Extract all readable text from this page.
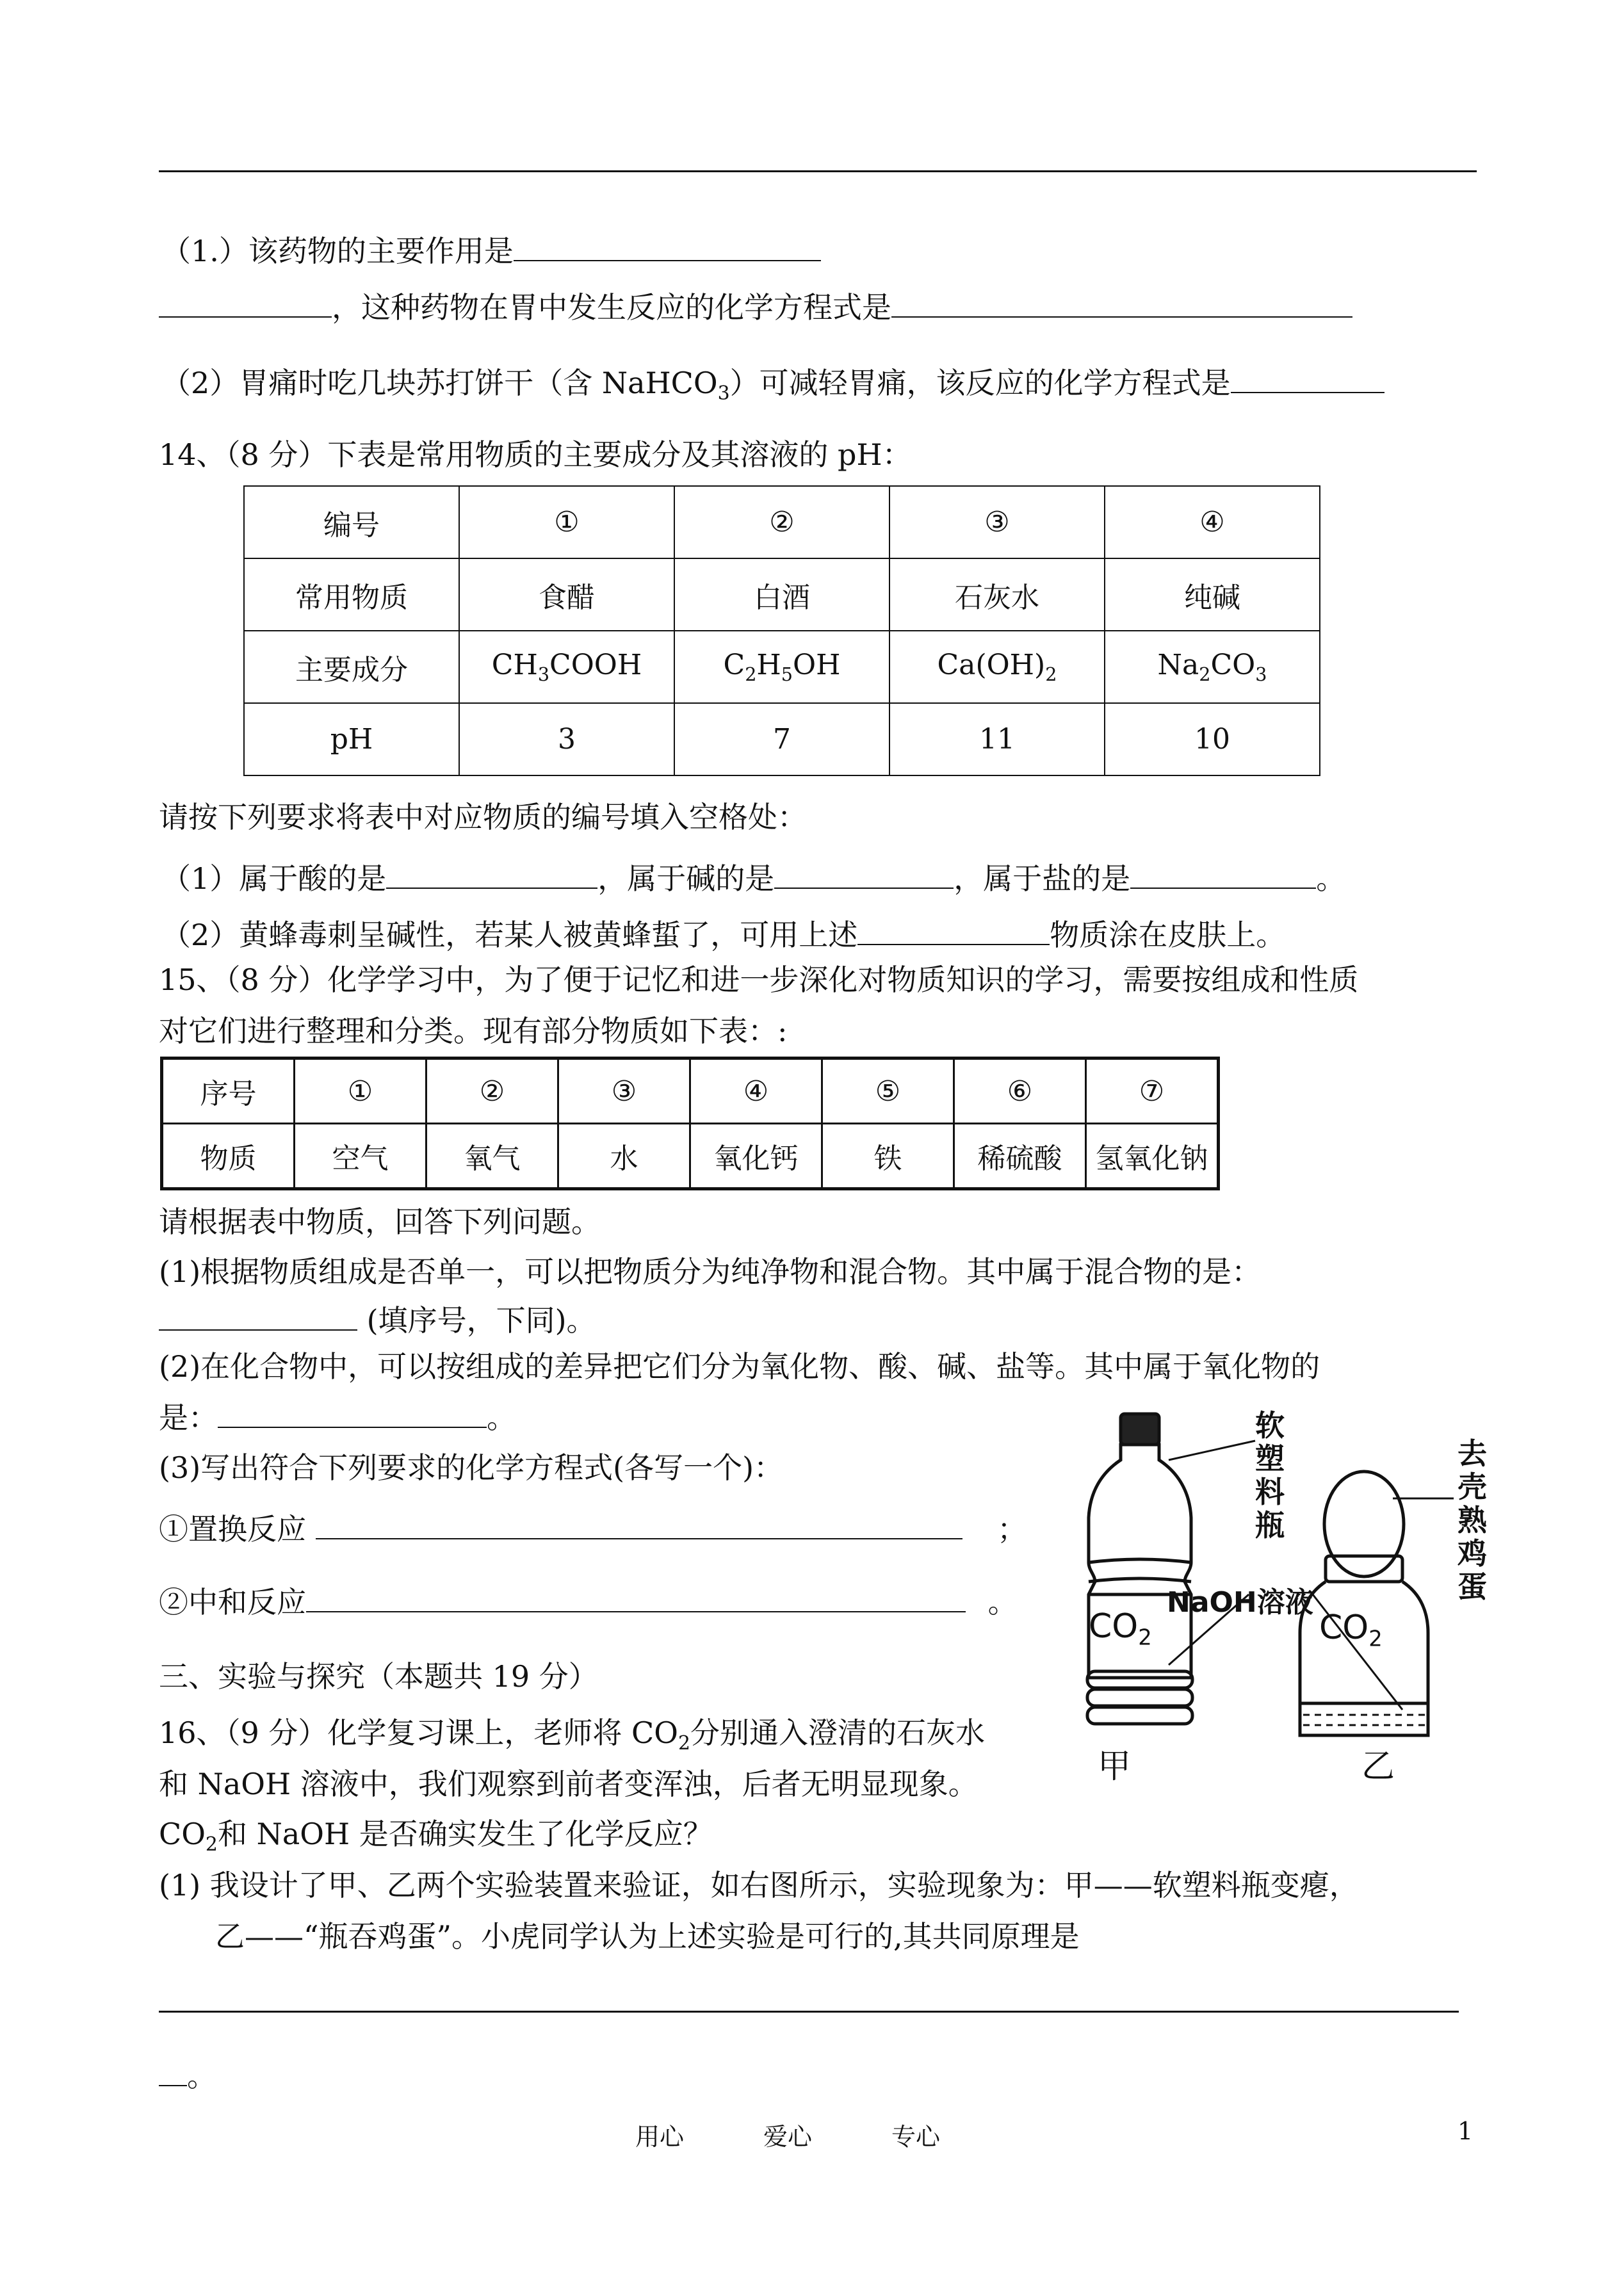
（1.）该药物的主要作用是
，这种药物在胃中发生反应的化学方程式是
（2）胃痛时吃几块苏打饼干（含 NaHCO$_3$）可减轻胃痛，该反应的化学方程式是
14、（8 分）下表是常用物质的主要成分及其溶液的 pH：
编号	①	②	③	④
常用物质	食醋	白酒	石灰水	纯碱
主要成分	$CH_3COOH$	$C_2H_5OH$	$Ca(OH)_2$	$Na_2CO_3$
pH	3	7	11	10
请按下列要求将表中对应物质的编号填入空格处：
（1）属于酸的是	，属于碱的是	，属于盐的是	。
（2）黄蜂毒刺呈碱性，若某人被黄蜂蜇了，可用上述	物质涂在皮肤上。
15、（8 分）化学学习中，为了便于记忆和进一步深化对物质知识的学习，需要按组成和性质
对它们进行整理和分类。现有部分物质如下表：:
序号	①	②	③	④	⑤	⑥	⑦
物质	空气	氧气	水	氧化钙	铁	稀硫酸	氢氧化钠
请根据表中物质，回答下列问题。
(1)根据物质组成是否单一，可以把物质分为纯净物和混合物。其中属于混合物的是：
(填序号，下同)。
(2)在化合物中，可以按组成的差异把它们分为氧化物、酸、碱、盐等。其中属于氧化物的
是：	。
(3)写出符合下列要求的化学方程式(各写一个)：
①置换反应	；
②中和反应	。
三、实验与探究（本题共 19 分）
16、（9 分）化学复习课上，老师将 $CO_2$分别通入澄清的石灰水
和 NaOH 溶液中，我们观察到前者变浑浊，后者无明显现象。
$CO_2$和 NaOH 是否确实发生了化学反应？
(1) 我设计了甲、乙两个实验装置来验证，如右图所示，实验现象为：甲——软塑料瓶变瘪，
乙——“瓶吞鸡蛋”。小虎同学认为上述实验是可行的,其共同原理是
。
软
塑
料
瓶
去
壳
熟
鸡
蛋
$CO_2$
NaOH溶液
$CO_2$
甲	乙
用心	爱心	专心	1
